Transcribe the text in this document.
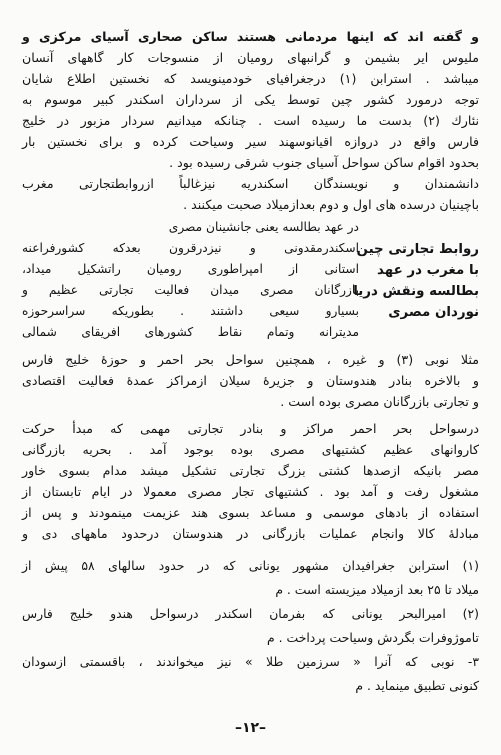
و گفته اند که اینها مردمانی هستند ساکن صحاری آسیای مرکزی و
ملیوس ایر بشیمن و گرانبهای رومیان از منسوجات کار گاههای آنسان
میباشد . استرابن (۱) درجغرافیای خودمینویسد که نخستین اطلاع شایان
توجه درمورد کشور چین توسط یکی از سرداران اسکندر کبیر موسوم به
نئارك (۲) بدست ما رسیده است . چنانکه میدانیم سردار مزبور در خلیج
فارس واقع در دروازه اقیانوسهند سیر وسیاحت کرده و برای نخستین بار
بحدود اقوام ساکن سواحل آسیای جنوب شرقی رسیده بود .
دانشمندان و نویسندگان اسکندریه نیزغالباً ازروابطتجارتی مغرب
باچینیان درسده های اول و دوم بعدازمیلاد صحبت میکنند .
روابط تجارتی چین
با مغرب در عهد
بطالسه ونقش دریا
نوردان مصری
در عهد بطالسه یعنی جانشینان مصری
اسکندرمقدونی و نیزدرقرون بعدکه کشورفراعنه
استانی از امپراطوری رومیان راتشکیل میداد،
بازرگانان مصری میدان فعالیت تجارتی عظیم و
بسیارو سیعی داشتند . بطوریکه سراسرحوزه
مدیترانه وتمام نقاط کشورهای افریقای شمالی
مثلا نوبی (۳) و غیره ، همچنین سواحل بحر احمر و حوزهٔ خلیج فارس
و بالاخره بنادر هندوستان و جزیرهٔ سیلان ازمراکز عمدهٔ فعالیت اقتصادی
و تجارتی بازرگانان مصری بوده است .
درسواحل بحر احمر مراکز و بنادر تجارتی مهمی که مبدأ حرکت
کاروانهای عظیم کشتیهای مصری بوده بوجود آمد . بحریه بازرگانی
مصر بانیکه ازصدها کشتی بزرگ تجارتی تشکیل میشد مدام بسوی خاور
مشغول رفت و آمد بود . کشتیهای تجار مصری معمولا در ایام تابستان از
استفاده از بادهای موسمی و مساعد بسوی هند عزیمت مینمودند و پس از
مبادلهٔ کالا وانجام عملیات بازرگانی در هندوستان درحدود ماههای دی و
(۱) استرابن جغرافیدان مشهور یونانی که در حدود سالهای ۵۸ پیش از
میلاد تا ۲۵ بعد ازمیلاد میزیسته است . م
(۲) امیرالبحر یونانی که بفرمان اسکندر درسواحل هندو خلیج فارس
تاموژوفرات بگردش وسیاحت پرداخت . م
۳- نوبی که آنرا « سرزمین طلا » نیز میخواندند ، باقسمتی ازسودان
کنونی تطبیق مینماید . م
–۱۲–
